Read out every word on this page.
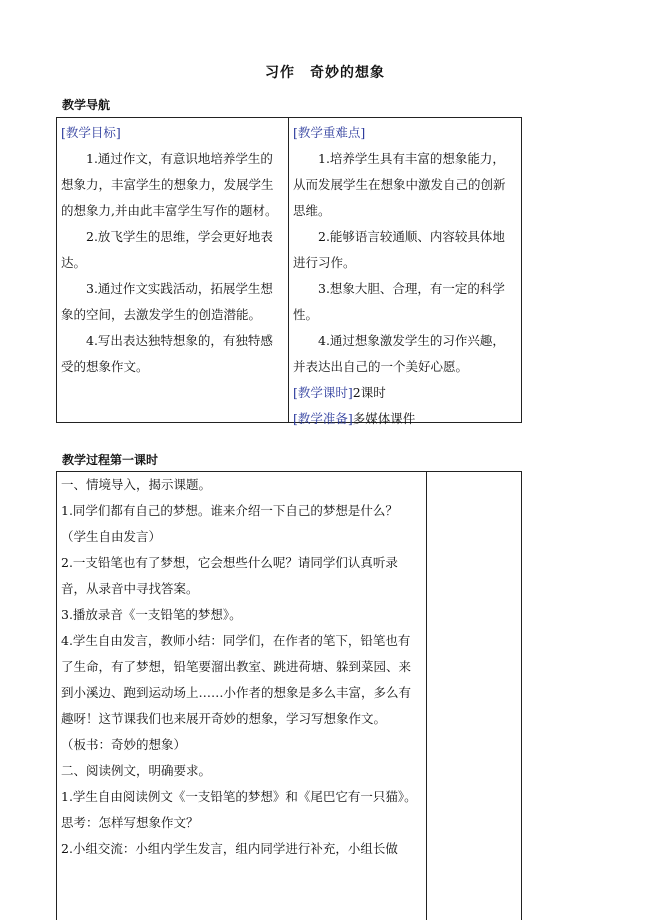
习作　奇妙的想象
教学导航

[教学目标]

1.通过作文，有意识地培养学生的想象力，丰富学生的想象力，发展学生的想象力,并由此丰富学生写作的题材。

2.放飞学生的思维，学会更好地表达。

3.通过作文实践活动，拓展学生想象的空间，去激发学生的创造潜能。

4.写出表达独特想象的，有独特感受的想象作文。

[教学重难点]

1.培养学生具有丰富的想象能力，从而发展学生在想象中激发自己的创新思维。

2.能够语言较通顺、内容较具体地进行习作。

3.想象大胆、合理，有一定的科学性。

4.通过想象激发学生的习作兴趣，并表达出自己的一个美好心愿。

[教学课时]2课时

[教学准备]多媒体课件

教学过程第一课时

一、情境导入，揭示课题。

1.同学们都有自己的梦想。谁来介绍一下自己的梦想是什么？

（学生自由发言）

2.一支铅笔也有了梦想，它会想些什么呢？请同学们认真听录音，从录音中寻找答案。

3.播放录音《一支铅笔的梦想》。

4.学生自由发言，教师小结：同学们，在作者的笔下，铅笔也有了生命，有了梦想，铅笔要溜出教室、跳进荷塘、躲到菜园、来到小溪边、跑到运动场上……小作者的想象是多么丰富，多么有趣呀！这节课我们也来展开奇妙的想象，学习写想象作文。

（板书：奇妙的想象）

二、阅读例文，明确要求。

1.学生自由阅读例文《一支铅笔的梦想》和《尾巴它有一只猫》。思考：怎样写想象作文？

2.小组交流：小组内学生发言，组内同学进行补充，小组长做
